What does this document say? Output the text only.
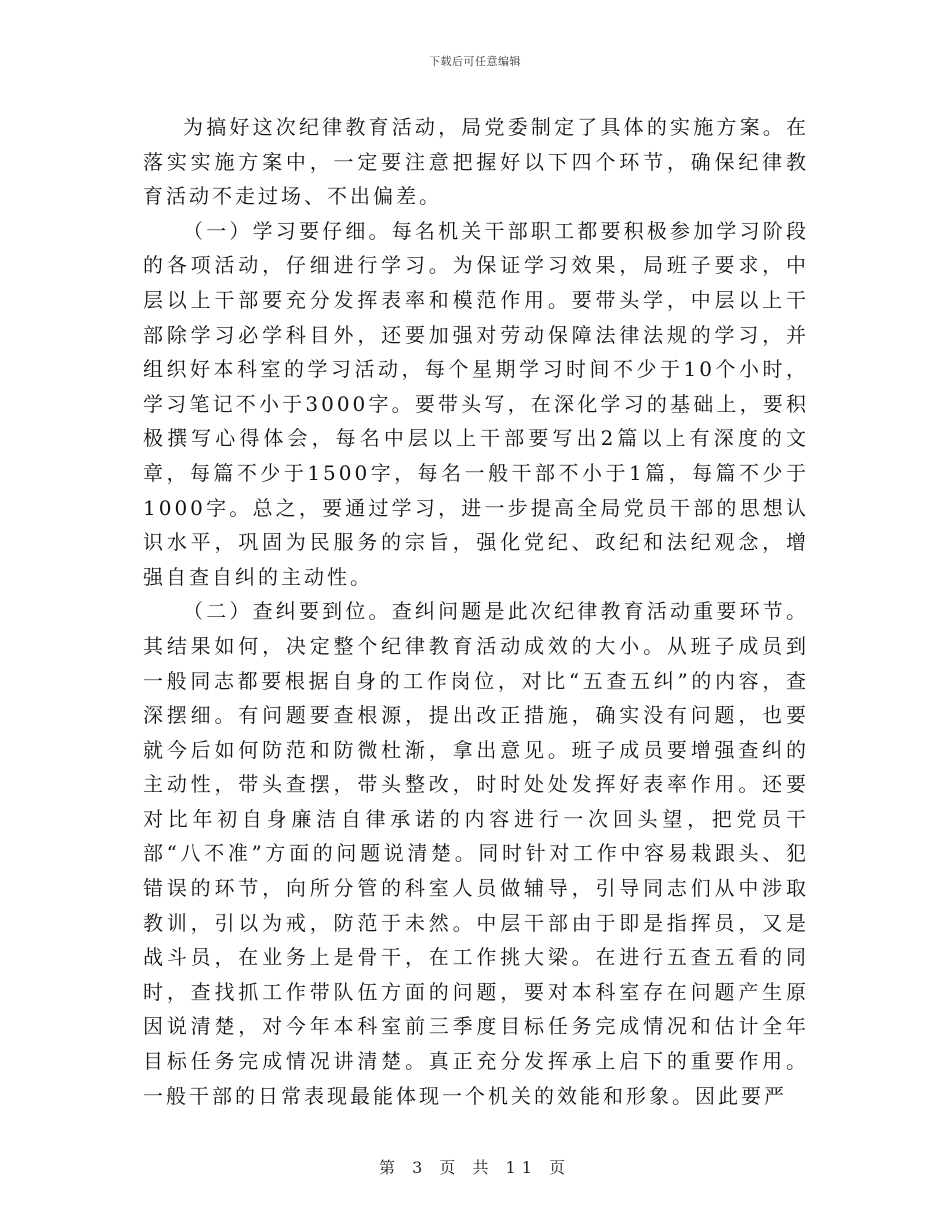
下载后可任意编辑

为搞好这次纪律教育活动，局党委制定了具体的实施方案。在落实实施方案中，一定要注意把握好以下四个环节，确保纪律教育活动不走过场、不出偏差。

（一）学习要仔细。每名机关干部职工都要积极参加学习阶段的各项活动，仔细进行学习。为保证学习效果，局班子要求，中层以上干部要充分发挥表率和模范作用。要带头学，中层以上干部除学习必学科目外，还要加强对劳动保障法律法规的学习，并组织好本科室的学习活动，每个星期学习时间不少于10个小时，学习笔记不小于3000字。要带头写，在深化学习的基础上，要积极撰写心得体会，每名中层以上干部要写出2篇以上有深度的文章，每篇不少于1500字，每名一般干部不小于1篇，每篇不少于1000字。总之，要通过学习，进一步提高全局党员干部的思想认识水平，巩固为民服务的宗旨，强化党纪、政纪和法纪观念，增强自查自纠的主动性。

（二）查纠要到位。查纠问题是此次纪律教育活动重要环节。其结果如何，决定整个纪律教育活动成效的大小。从班子成员到一般同志都要根据自身的工作岗位，对比“五查五纠”的内容，查深摆细。有问题要查根源，提出改正措施，确实没有问题，也要就今后如何防范和防微杜渐，拿出意见。班子成员要增强查纠的主动性，带头查摆，带头整改，时时处处发挥好表率作用。还要对比年初自身廉洁自律承诺的内容进行一次回头望，把党员干部“八不准”方面的问题说清楚。同时针对工作中容易栽跟头、犯错误的环节，向所分管的科室人员做辅导，引导同志们从中涉取教训，引以为戒，防范于未然。中层干部由于即是指挥员，又是战斗员，在业务上是骨干，在工作挑大梁。在进行五查五看的同时，查找抓工作带队伍方面的问题，要对本科室存在问题产生原因说清楚，对今年本科室前三季度目标任务完成情况和估计全年目标任务完成情况讲清楚。真正充分发挥承上启下的重要作用。一般干部的日常表现最能体现一个机关的效能和形象。因此要严

第 3 页 共 11 页
